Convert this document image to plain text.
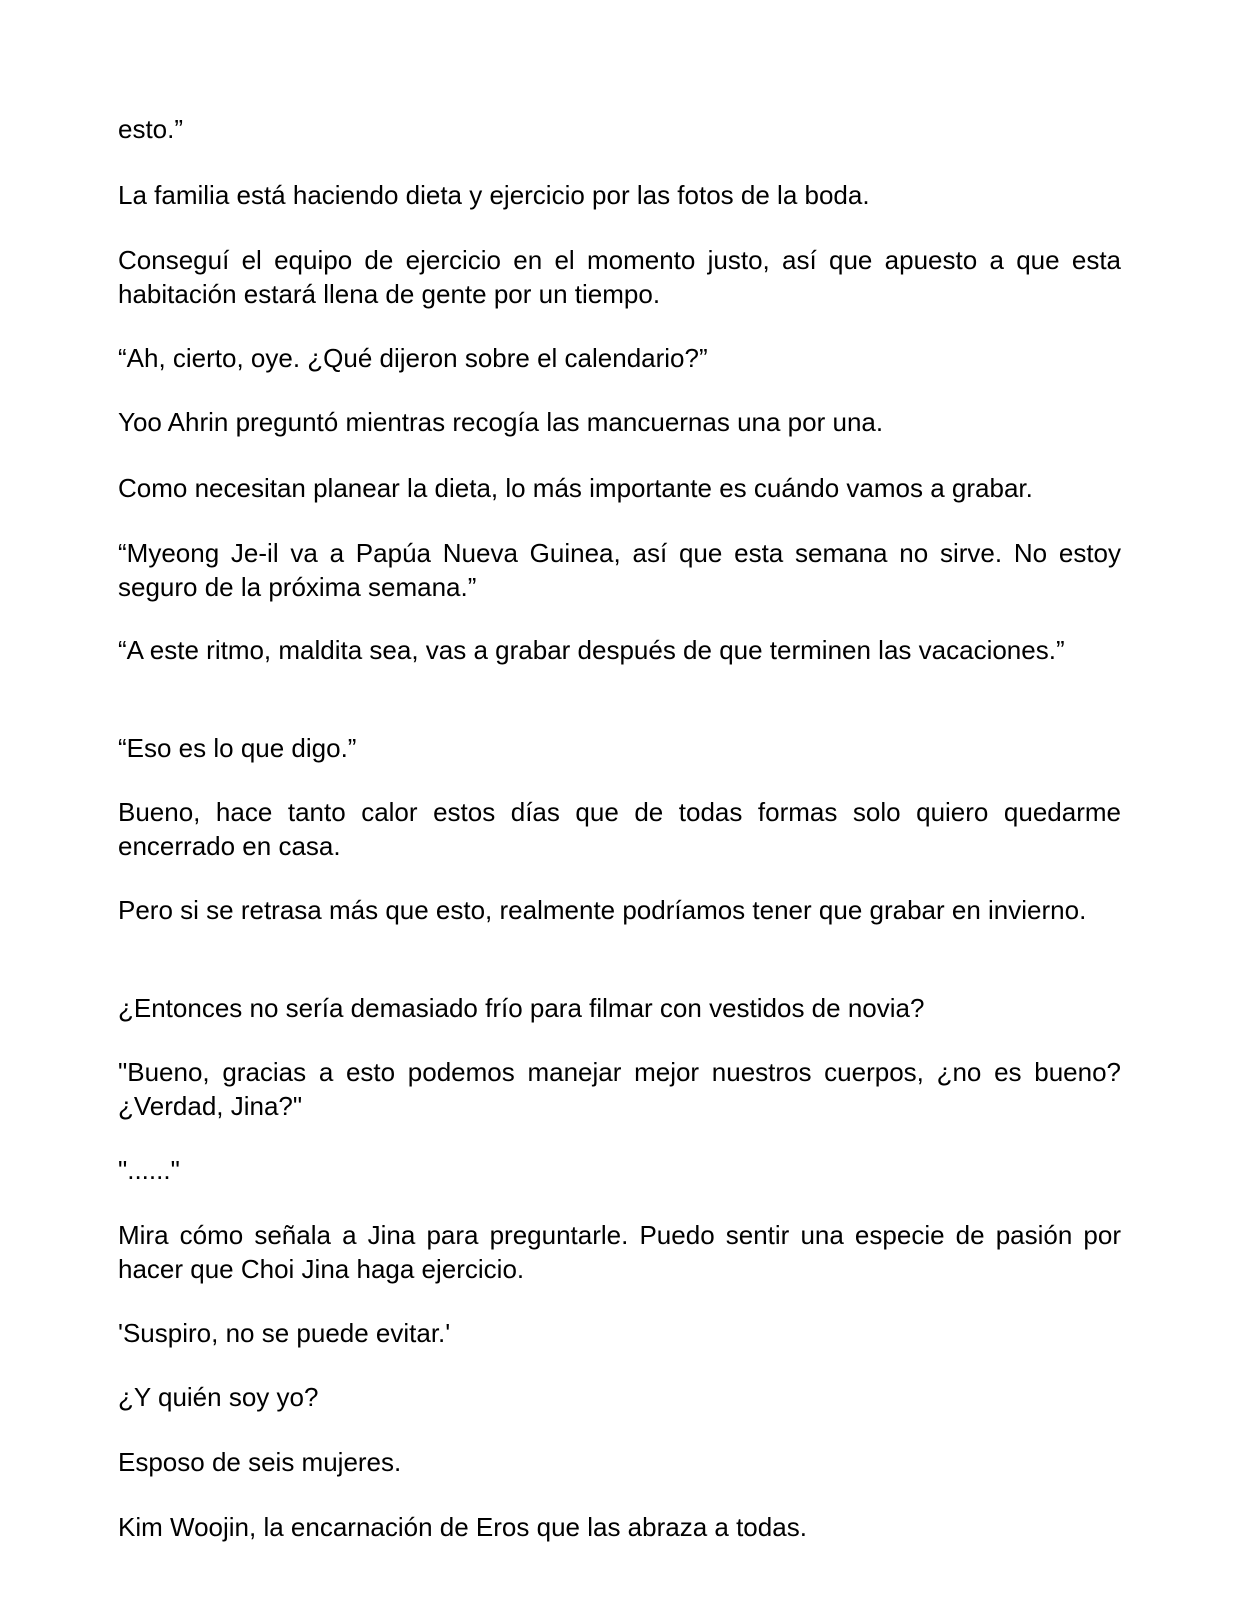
esto.”

La familia está haciendo dieta y ejercicio por las fotos de la boda.

Conseguí el equipo de ejercicio en el momento justo, así que apuesto a que esta habitación estará llena de gente por un tiempo.

“Ah, cierto, oye. ¿Qué dijeron sobre el calendario?”

Yoo Ahrin preguntó mientras recogía las mancuernas una por una.

Como necesitan planear la dieta, lo más importante es cuándo vamos a grabar.

“Myeong Je-il va a Papúa Nueva Guinea, así que esta semana no sirve. No estoy seguro de la próxima semana.”

“A este ritmo, maldita sea, vas a grabar después de que terminen las vacaciones.”

“Eso es lo que digo.”

Bueno, hace tanto calor estos días que de todas formas solo quiero quedarme encerrado en casa.

Pero si se retrasa más que esto, realmente podríamos tener que grabar en invierno.

¿Entonces no sería demasiado frío para filmar con vestidos de novia?

"Bueno, gracias a esto podemos manejar mejor nuestros cuerpos, ¿no es bueno? ¿Verdad, Jina?"

"......"

Mira cómo señala a Jina para preguntarle. Puedo sentir una especie de pasión por hacer que Choi Jina haga ejercicio.

'Suspiro, no se puede evitar.'

¿Y quién soy yo?

Esposo de seis mujeres.

Kim Woojin, la encarnación de Eros que las abraza a todas.
